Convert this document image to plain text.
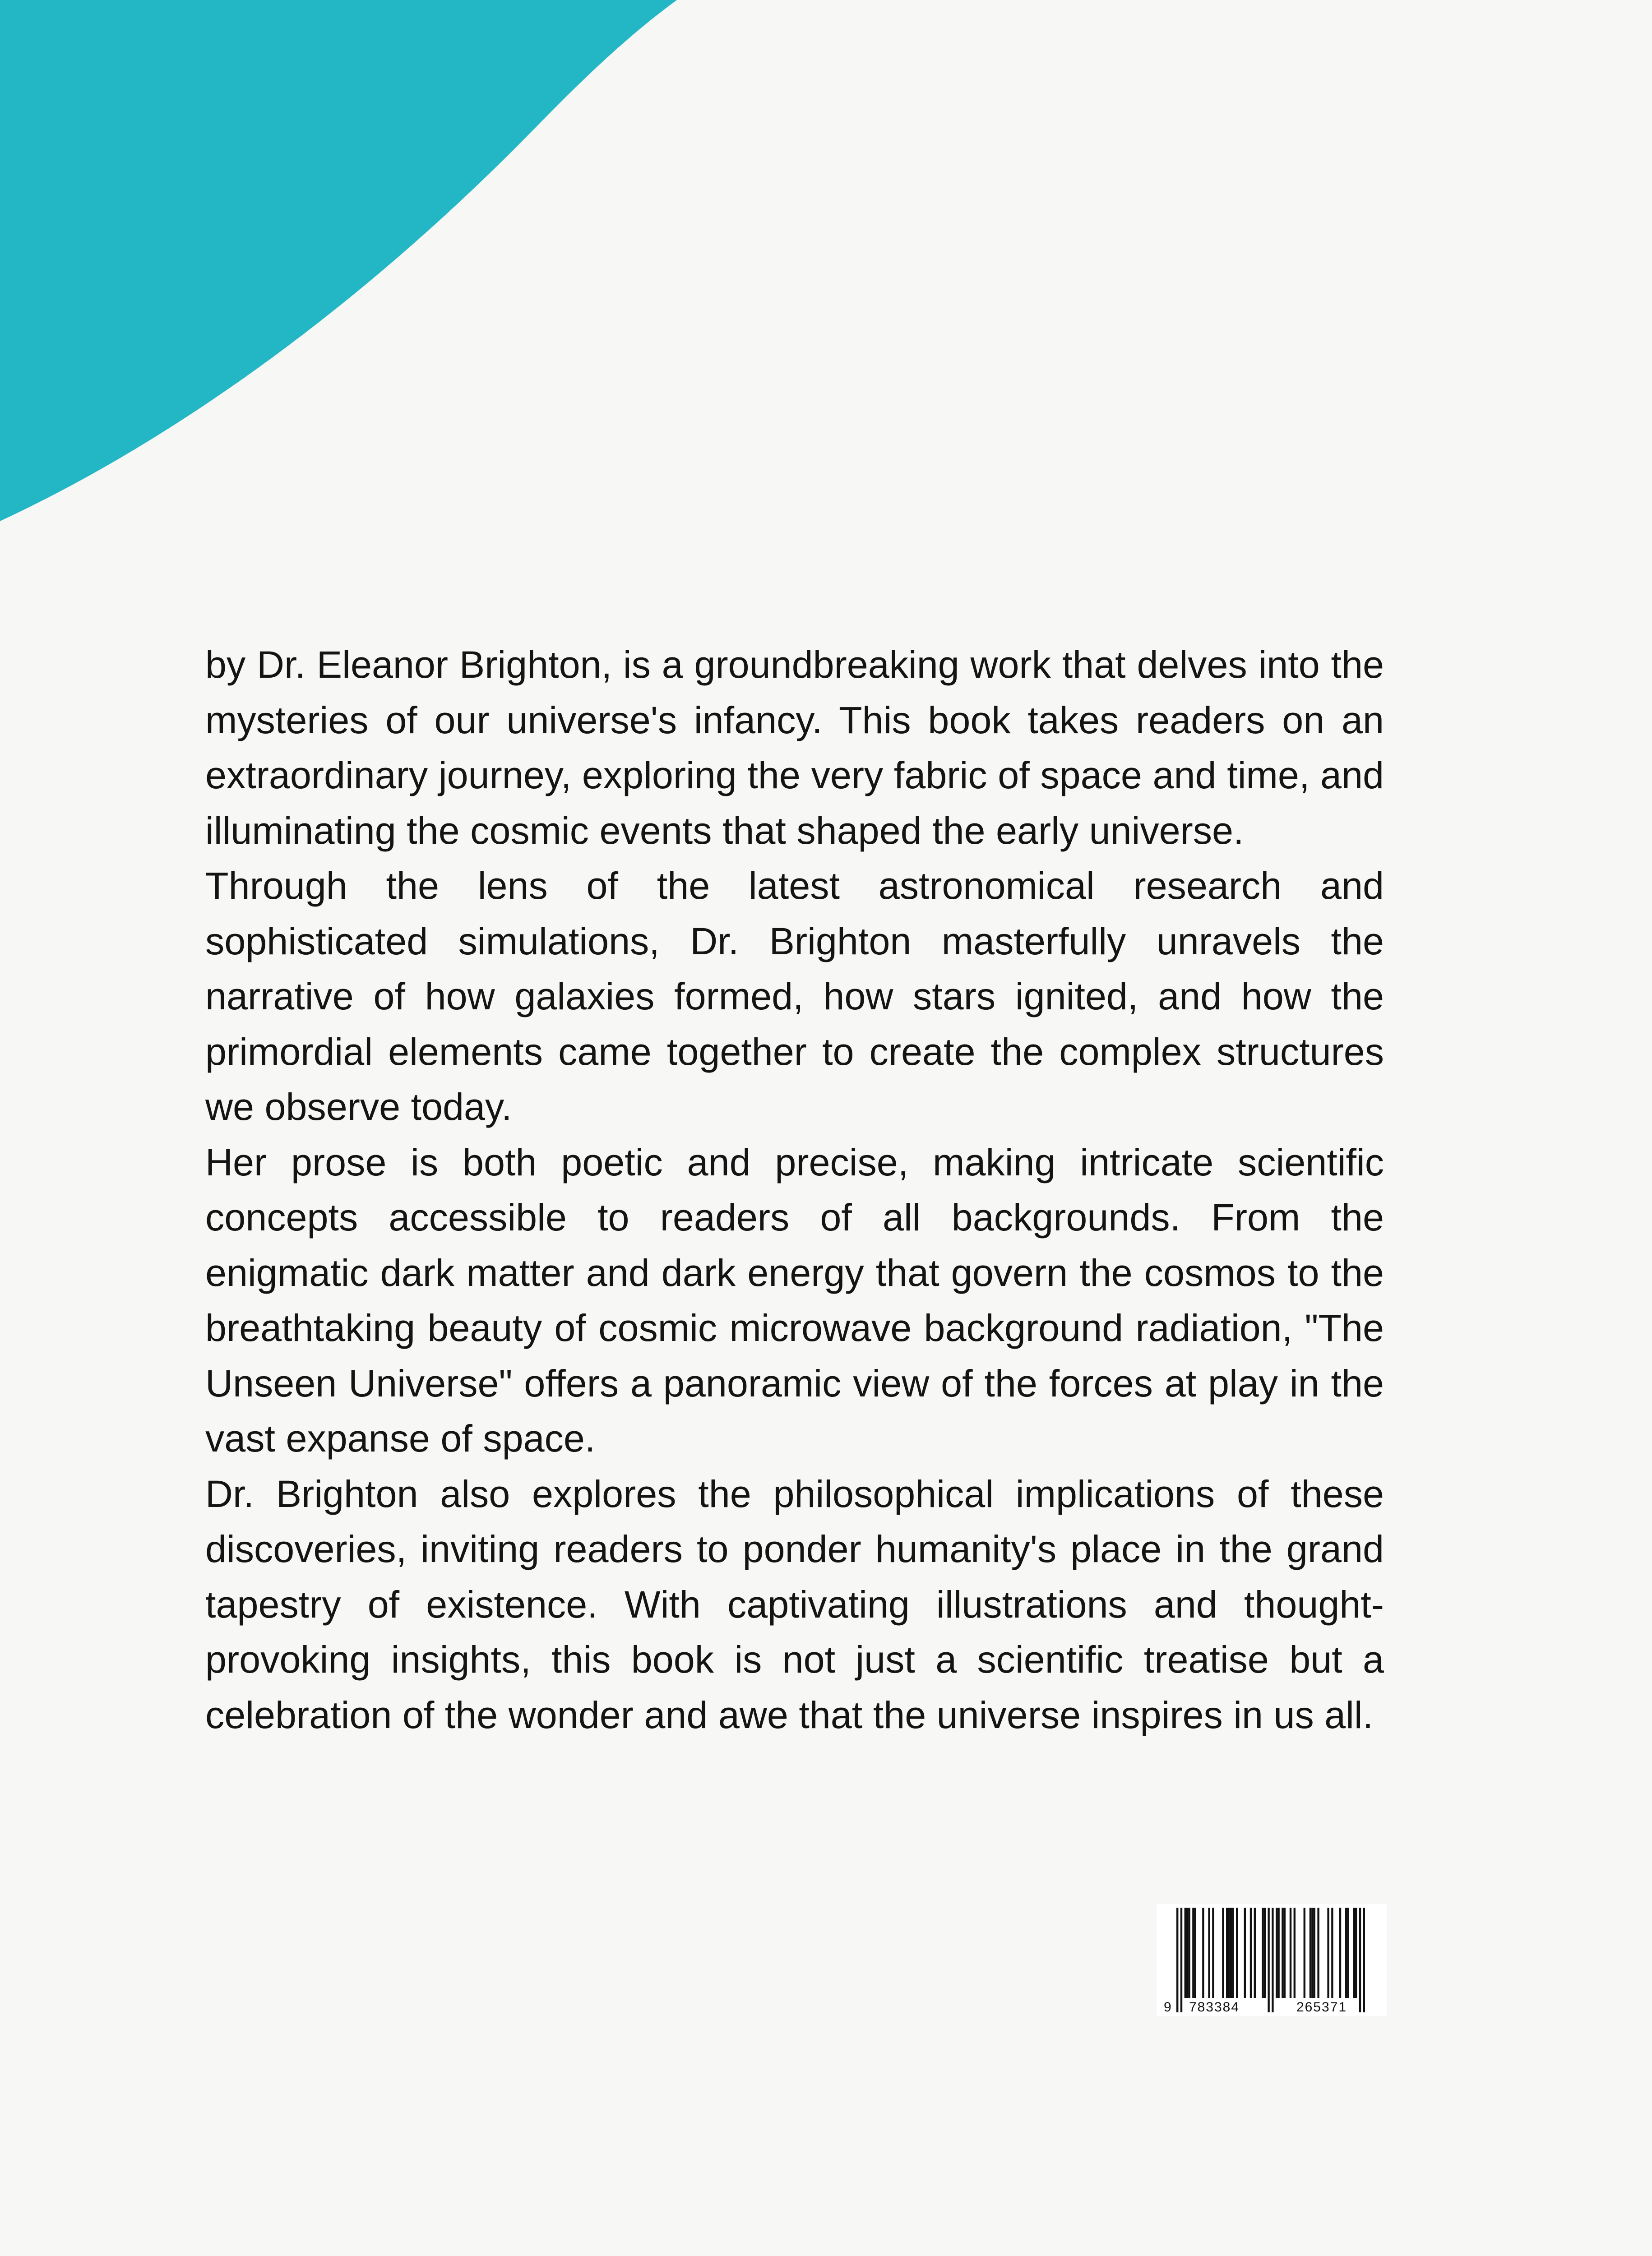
by Dr. Eleanor Brighton, is a groundbreaking work that delves into the mysteries of our universe's infancy. This book takes readers on an extraordinary journey, exploring the very fabric of space and time, and illuminating the cosmic events that shaped the early universe.

Through the lens of the latest astronomical research and sophisticated simulations, Dr. Brighton masterfully unravels the narrative of how galaxies formed, how stars ignited, and how the primordial elements came together to create the complex structures we observe today.

Her prose is both poetic and precise, making intricate scientific concepts accessible to readers of all backgrounds. From the enigmatic dark matter and dark energy that govern the cosmos to the breathtaking beauty of cosmic microwave background radiation, "The Unseen Universe" offers a panoramic view of the forces at play in the vast expanse of space.

Dr. Brighton also explores the philosophical implications of these discoveries, inviting readers to ponder humanity's place in the grand tapestry of existence. With captivating illustrations and thought-provoking insights, this book is not just a scientific treatise but a celebration of the wonder and awe that the universe inspires in us all.

9 783384	265371
